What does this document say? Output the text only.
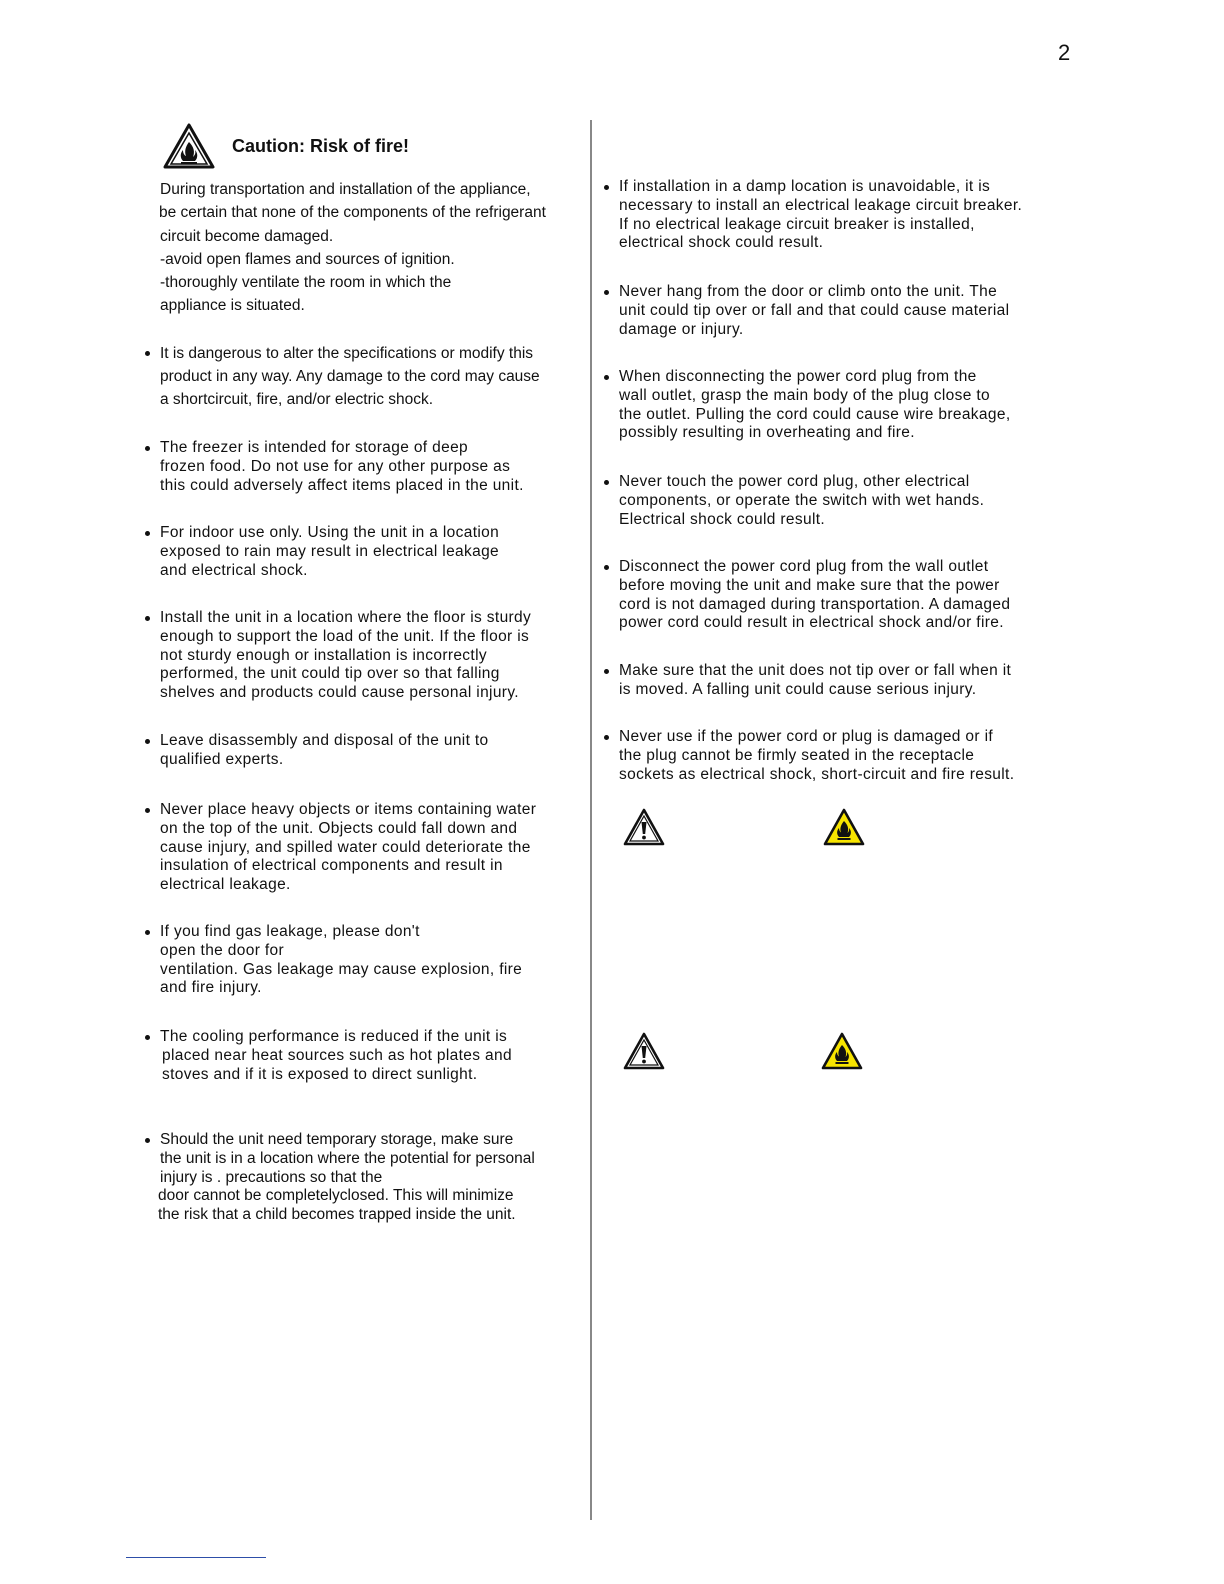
2
Caution: Risk of fire!

During transportation and installation of the appliance,

be certain that none of the components of the refrigerant

circuit become damaged.

-avoid open flames and sources of ignition.

-thoroughly ventilate the room in which the

appliance is situated.

It is dangerous to alter the specifications or modify this

product in any way. Any damage to the cord may cause

a shortcircuit, fire, and/or electric shock.

The freezer is intended for storage of deep

frozen food. Do not use for any other purpose as

this could adversely affect items placed in the unit.

For indoor use only. Using the unit in a location

exposed to rain may result in electrical leakage

and electrical shock.

Install the unit in a location where the floor is sturdy

enough to support the load of the unit. If the floor is

not sturdy enough or installation is incorrectly

performed, the unit could tip over so that falling

shelves and products could cause personal injury.

Leave disassembly and disposal of the unit to

qualified experts.

Never place heavy objects or items containing water

on the top of the unit. Objects could fall down and

cause injury, and spilled water could deteriorate the

insulation of electrical components and result in

electrical leakage.

If you find gas leakage, please don't

open the door for

ventilation. Gas leakage may cause explosion, fire

and fire injury.

The cooling performance is reduced if the unit is

placed near heat sources such as hot plates and

stoves and if it is exposed to direct sunlight.

Should the unit need temporary storage, make sure

the unit is in a location where the potential for personal

injury is . precautions so that the

door cannot be completelyclosed. This will minimize

the risk that a child becomes trapped inside the unit.

If installation in a damp location is unavoidable, it is

necessary to install an electrical leakage circuit breaker.

If no electrical leakage circuit breaker is installed,

electrical shock could result.

Never hang from the door or climb onto the unit. The

unit could tip over or fall and that could cause material

damage or injury.

When disconnecting the power cord plug from the

wall outlet, grasp the main body of the plug close to

the outlet. Pulling the cord could cause wire breakage,

possibly resulting in overheating and fire.

Never touch the power cord plug, other electrical

components, or operate the switch with wet hands.

Electrical shock could result.

Disconnect the power cord plug from the wall outlet

before moving the unit and make sure that the power

cord is not damaged during transportation. A damaged

power cord could result in electrical shock and/or fire.

Make sure that the unit does not tip over or fall when it

is moved. A falling unit could cause serious injury.

Never use if the power cord or plug is damaged or if

the plug cannot be firmly seated in the receptacle

sockets as electrical shock, short-circuit and fire result.
